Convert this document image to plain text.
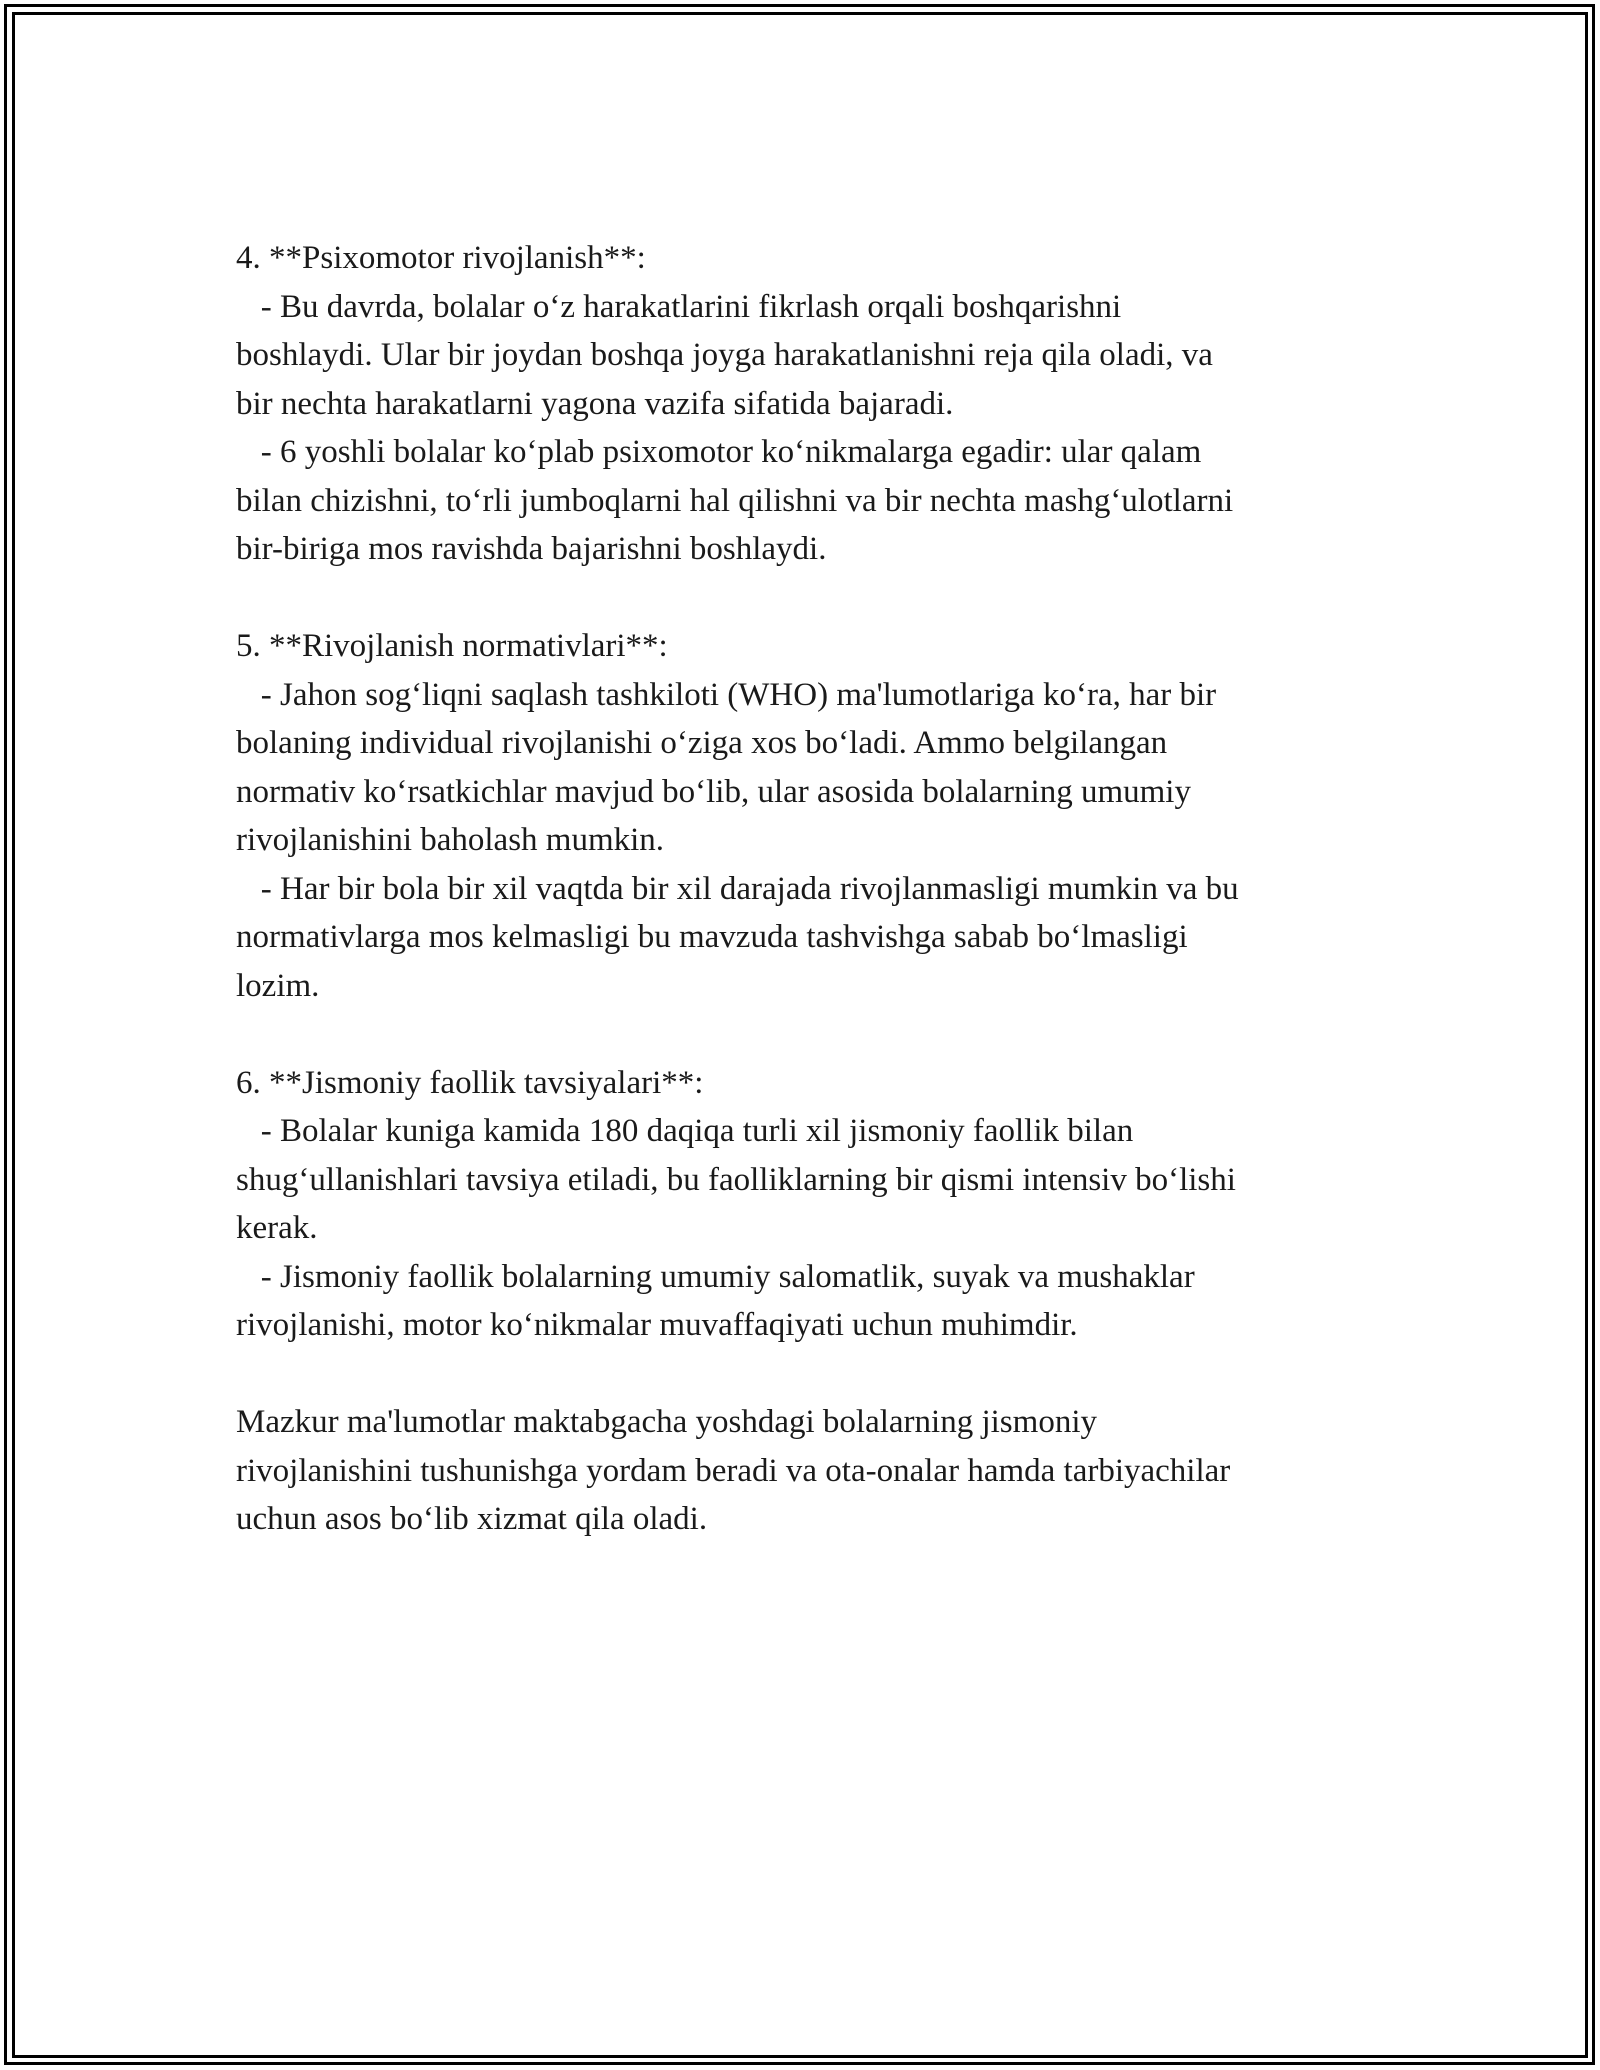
4. **Psixomotor rivojlanish**:
- Bu davrda, bolalar o‘z harakatlarini fikrlash orqali boshqarishni
boshlaydi. Ular bir joydan boshqa joyga harakatlanishni reja qila oladi, va
bir nechta harakatlarni yagona vazifa sifatida bajaradi.
- 6 yoshli bolalar ko‘plab psixomotor ko‘nikmalarga egadir: ular qalam
bilan chizishni, to‘rli jumboqlarni hal qilishni va bir nechta mashg‘ulotlarni
bir-biriga mos ravishda bajarishni boshlaydi.
5. **Rivojlanish normativlari**:
- Jahon sog‘liqni saqlash tashkiloti (WHO) ma'lumotlariga ko‘ra, har bir
bolaning individual rivojlanishi o‘ziga xos bo‘ladi. Ammo belgilangan
normativ ko‘rsatkichlar mavjud bo‘lib, ular asosida bolalarning umumiy
rivojlanishini baholash mumkin.
- Har bir bola bir xil vaqtda bir xil darajada rivojlanmasligi mumkin va bu
normativlarga mos kelmasligi bu mavzuda tashvishga sabab bo‘lmasligi
lozim.
6. **Jismoniy faollik tavsiyalari**:
- Bolalar kuniga kamida 180 daqiqa turli xil jismoniy faollik bilan
shug‘ullanishlari tavsiya etiladi, bu faolliklarning bir qismi intensiv bo‘lishi
kerak.
- Jismoniy faollik bolalarning umumiy salomatlik, suyak va mushaklar
rivojlanishi, motor ko‘nikmalar muvaffaqiyati uchun muhimdir.
Mazkur ma'lumotlar maktabgacha yoshdagi bolalarning jismoniy
rivojlanishini tushunishga yordam beradi va ota-onalar hamda tarbiyachilar
uchun asos bo‘lib xizmat qila oladi.
